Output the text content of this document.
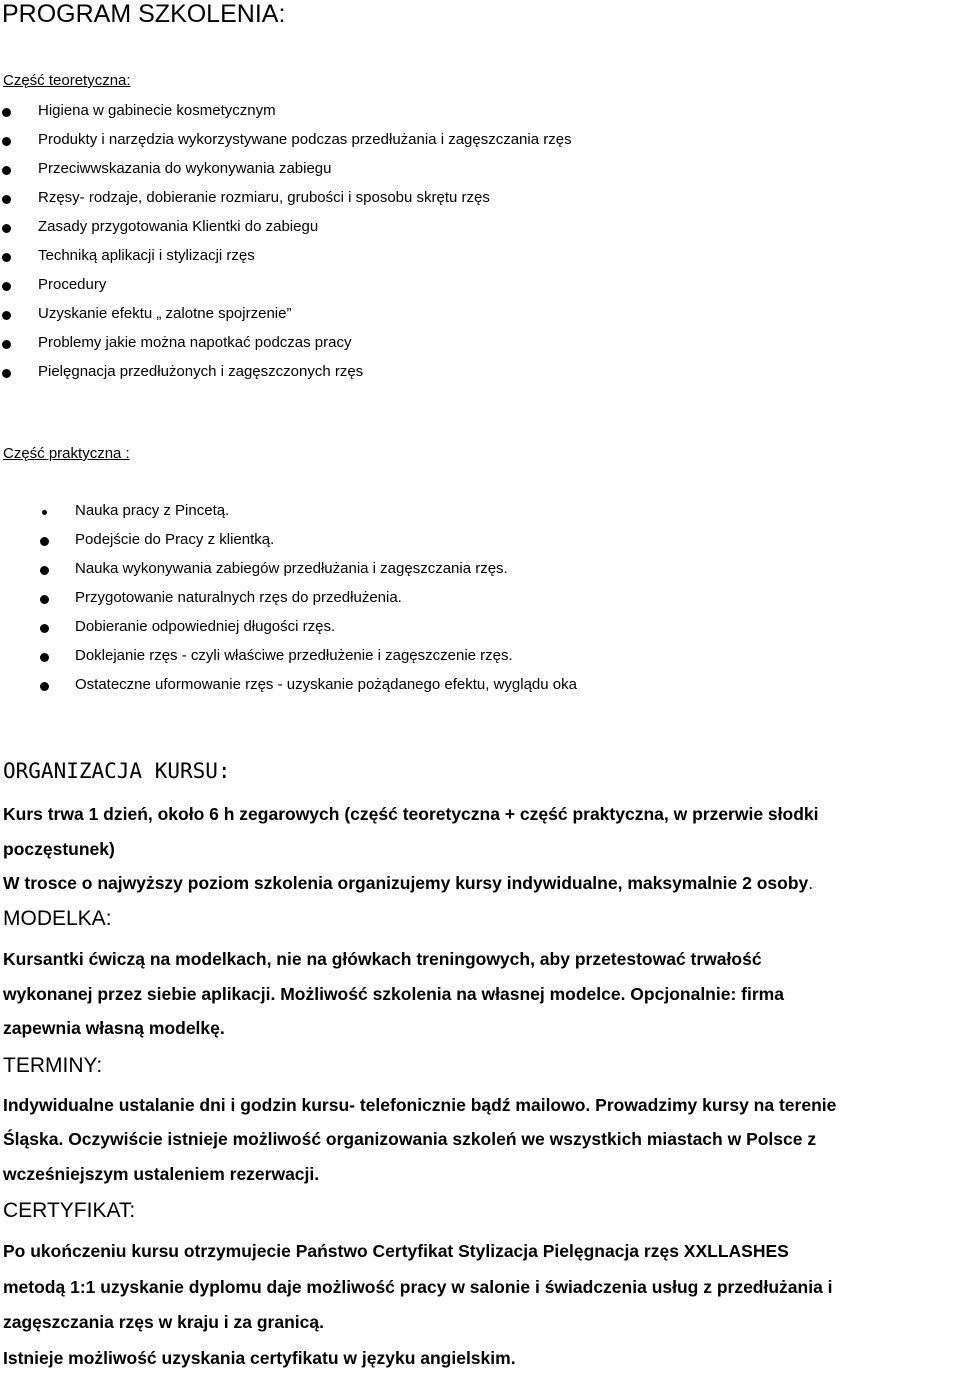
PROGRAM SZKOLENIA:
Część teoretyczna:
Higiena w gabinecie kosmetycznym
Produkty i narzędzia wykorzystywane podczas przedłużania i zagęszczania rzęs
Przeciwwskazania do wykonywania zabiegu
Rzęsy- rodzaje, dobieranie rozmiaru, grubości i sposobu skrętu rzęs
Zasady przygotowania Klientki do zabiegu
Techniką aplikacji i stylizacji rzęs
Procedury
Uzyskanie efektu „ zalotne spojrzenie”
Problemy jakie można napotkać podczas pracy
Pielęgnacja przedłużonych i zagęszczonych rzęs
Część praktyczna :
Nauka pracy z Pincetą.
Podejście do Pracy z klientką.
Nauka wykonywania zabiegów przedłużania i zagęszczania rzęs.
Przygotowanie naturalnych rzęs do przedłużenia.
Dobieranie odpowiedniej długości rzęs.
Doklejanie rzęs - czyli właściwe przedłużenie i zagęszczenie rzęs.
Ostateczne uformowanie rzęs - uzyskanie pożądanego efektu, wyglądu oka
ORGANIZACJA KURSU:
Kurs trwa 1 dzień, około 6 h zegarowych (część teoretyczna + część praktyczna, w przerwie słodki
poczęstunek)
W trosce o najwyższy poziom szkolenia organizujemy kursy indywidualne, maksymalnie 2 osoby.
MODELKA:
Kursantki ćwiczą na modelkach, nie na główkach treningowych, aby przetestować trwałość
wykonanej przez siebie aplikacji. Możliwość szkolenia na własnej modelce. Opcjonalnie: firma
zapewnia własną modelkę.
TERMINY:
Indywidualne ustalanie dni i godzin kursu- telefonicznie bądź mailowo. Prowadzimy kursy na terenie
Śląska. Oczywiście istnieje możliwość organizowania szkoleń we wszystkich miastach w Polsce z
wcześniejszym ustaleniem rezerwacji.
CERTYFIKAT:
Po ukończeniu kursu otrzymujecie Państwo Certyfikat Stylizacja Pielęgnacja rzęs XXLLASHES
metodą 1:1 uzyskanie dyplomu daje możliwość pracy w salonie i świadczenia usług z przedłużania i
zagęszczania rzęs w kraju i za granicą.
Istnieje możliwość uzyskania certyfikatu w języku angielskim.
